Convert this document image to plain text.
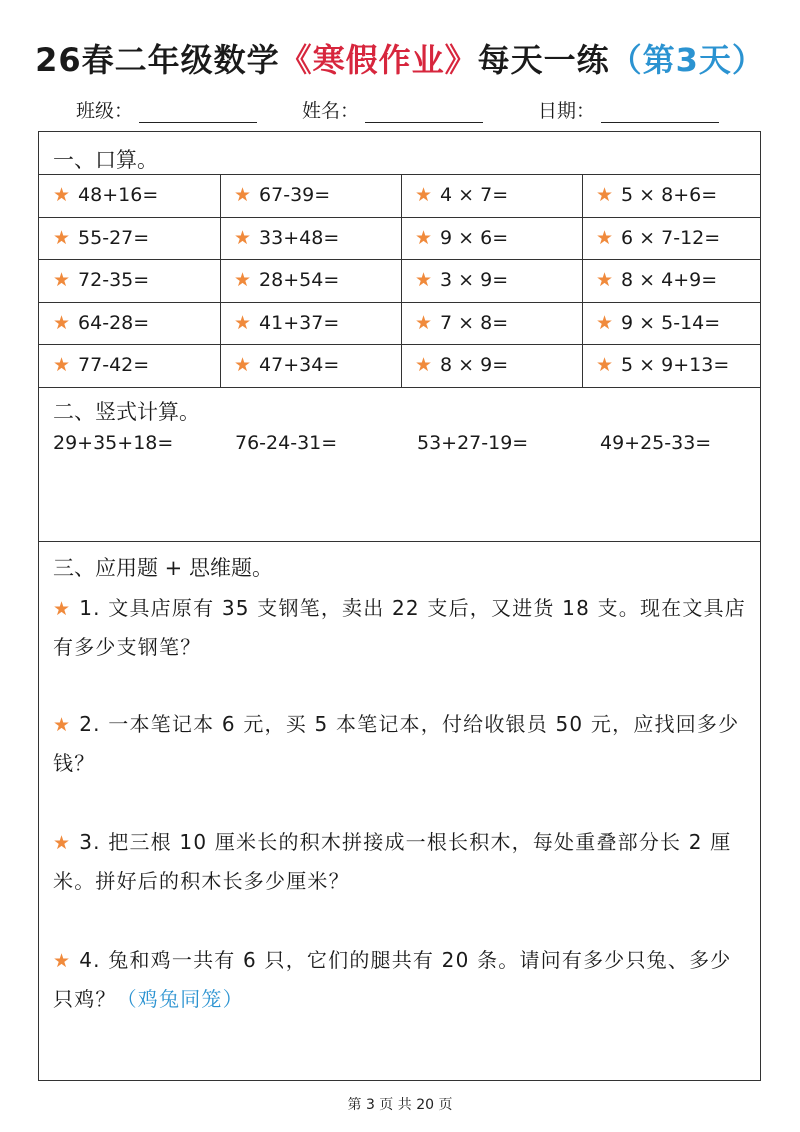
26春二年级数学《寒假作业》每天一练（第3天）
班级：	姓名：	日期：
一、口算。
★ 48+16=	★ 67-39=	★ 4 × 7=	★ 5 × 8+6=
★ 55-27=	★ 33+48=	★ 9 × 6=	★ 6 × 7-12=
★ 72-35=	★ 28+54=	★ 3 × 9=	★ 8 × 4+9=
★ 64-28=	★ 41+37=	★ 7 × 8=	★ 9 × 5-14=
★ 77-42=	★ 47+34=	★ 8 × 9=	★ 5 × 9+13=
二、竖式计算。
29+35+18=	76-24-31=	53+27-19=	49+25-33=
三、应用题 + 思维题。
★ 1. 文具店原有 35 支钢笔，卖出 22 支后，又进货 18 支。现在文具店有多少支钢笔？
★ 2. 一本笔记本 6 元，买 5 本笔记本，付给收银员 50 元，应找回多少钱？
★ 3. 把三根 10 厘米长的积木拼接成一根长积木，每处重叠部分长 2 厘米。拼好后的积木长多少厘米？
★ 4. 兔和鸡一共有 6 只，它们的腿共有 20 条。请问有多少只兔、多少只鸡？（鸡兔同笼）
第 3 页 共 20 页
